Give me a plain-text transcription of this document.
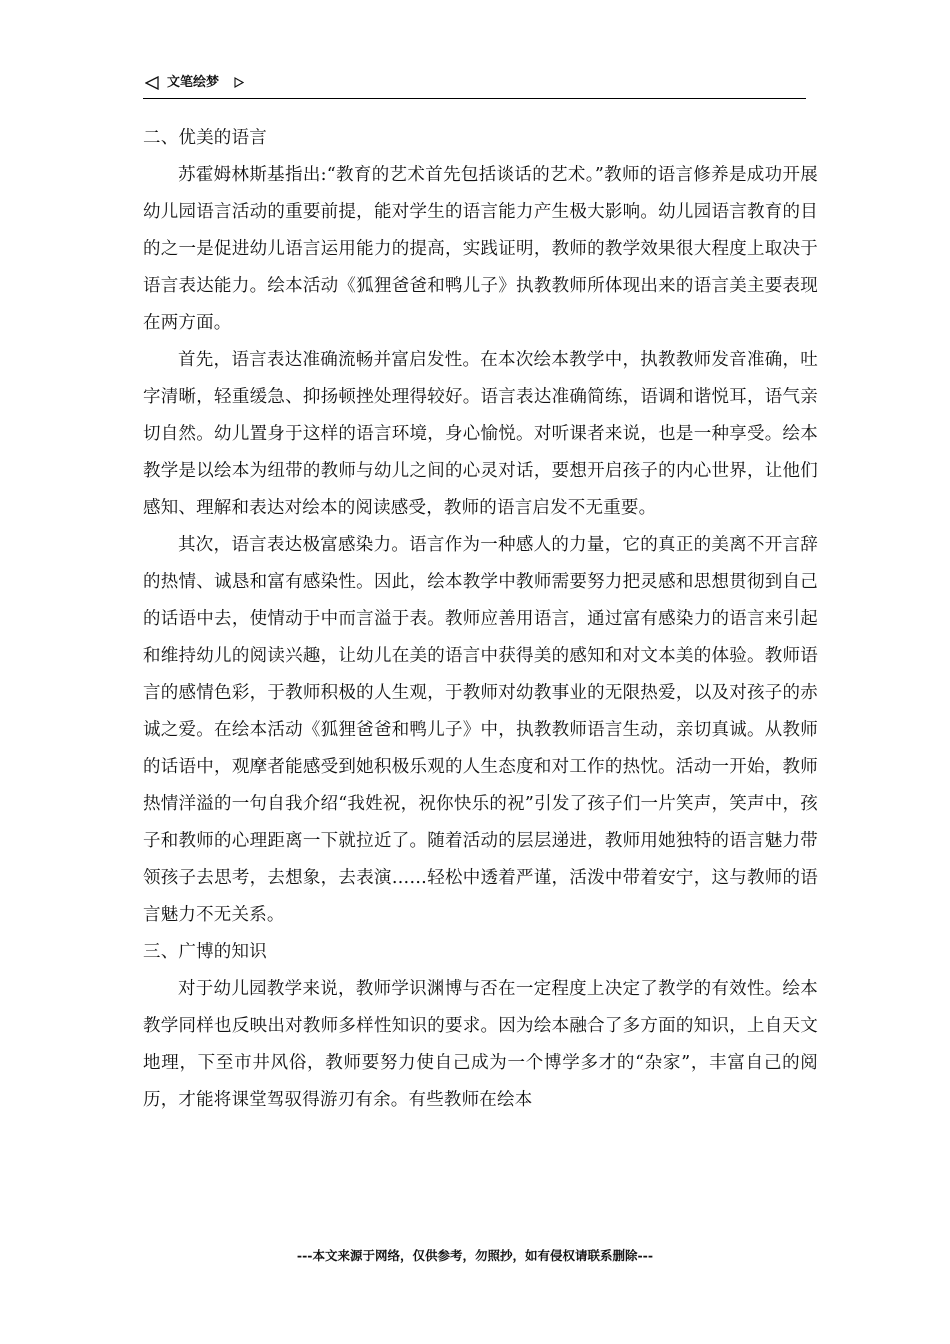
文笔绘梦

二、优美的语言

苏霍姆林斯基指出:“教育的艺术首先包括谈话的艺术。”教师的语言修养是成功开展幼儿园语言活动的重要前提，能对学生的语言能力产生极大影响。幼儿园语言教育的目的之一是促进幼儿语言运用能力的提高，实践证明，教师的教学效果很大程度上取决于语言表达能力。绘本活动《狐狸爸爸和鸭儿子》执教教师所体现出来的语言美主要表现在两方面。

首先，语言表达准确流畅并富启发性。在本次绘本教学中，执教教师发音准确，吐字清晰，轻重缓急、抑扬顿挫处理得较好。语言表达准确简练，语调和谐悦耳，语气亲切自然。幼儿置身于这样的语言环境，身心愉悦。对听课者来说，也是一种享受。绘本教学是以绘本为纽带的教师与幼儿之间的心灵对话，要想开启孩子的内心世界，让他们感知、理解和表达对绘本的阅读感受，教师的语言启发不无重要。

其次，语言表达极富感染力。语言作为一种感人的力量，它的真正的美离不开言辞的热情、诚恳和富有感染性。因此，绘本教学中教师需要努力把灵感和思想贯彻到自己的话语中去，使情动于中而言溢于表。教师应善用语言，通过富有感染力的语言来引起和维持幼儿的阅读兴趣，让幼儿在美的语言中获得美的感知和对文本美的体验。教师语言的感情色彩，于教师积极的人生观，于教师对幼教事业的无限热爱，以及对孩子的赤诚之爱。在绘本活动《狐狸爸爸和鸭儿子》中，执教教师语言生动，亲切真诚。从教师的话语中，观摩者能感受到她积极乐观的人生态度和对工作的热忱。活动一开始，教师热情洋溢的一句自我介绍“我姓祝，祝你快乐的祝”引发了孩子们一片笑声，笑声中，孩子和教师的心理距离一下就拉近了。随着活动的层层递进，教师用她独特的语言魅力带领孩子去思考，去想象，去表演……轻松中透着严谨，活泼中带着安宁，这与教师的语言魅力不无关系。

三、广博的知识

对于幼儿园教学来说，教师学识渊博与否在一定程度上决定了教学的有效性。绘本教学同样也反映出对教师多样性知识的要求。因为绘本融合了多方面的知识，上自天文地理，下至市井风俗，教师要努力使自己成为一个博学多才的“杂家”，丰富自己的阅历，才能将课堂驾驭得游刃有余。有些教师在绘本

---本文来源于网络，仅供参考，勿照抄，如有侵权请联系删除---
